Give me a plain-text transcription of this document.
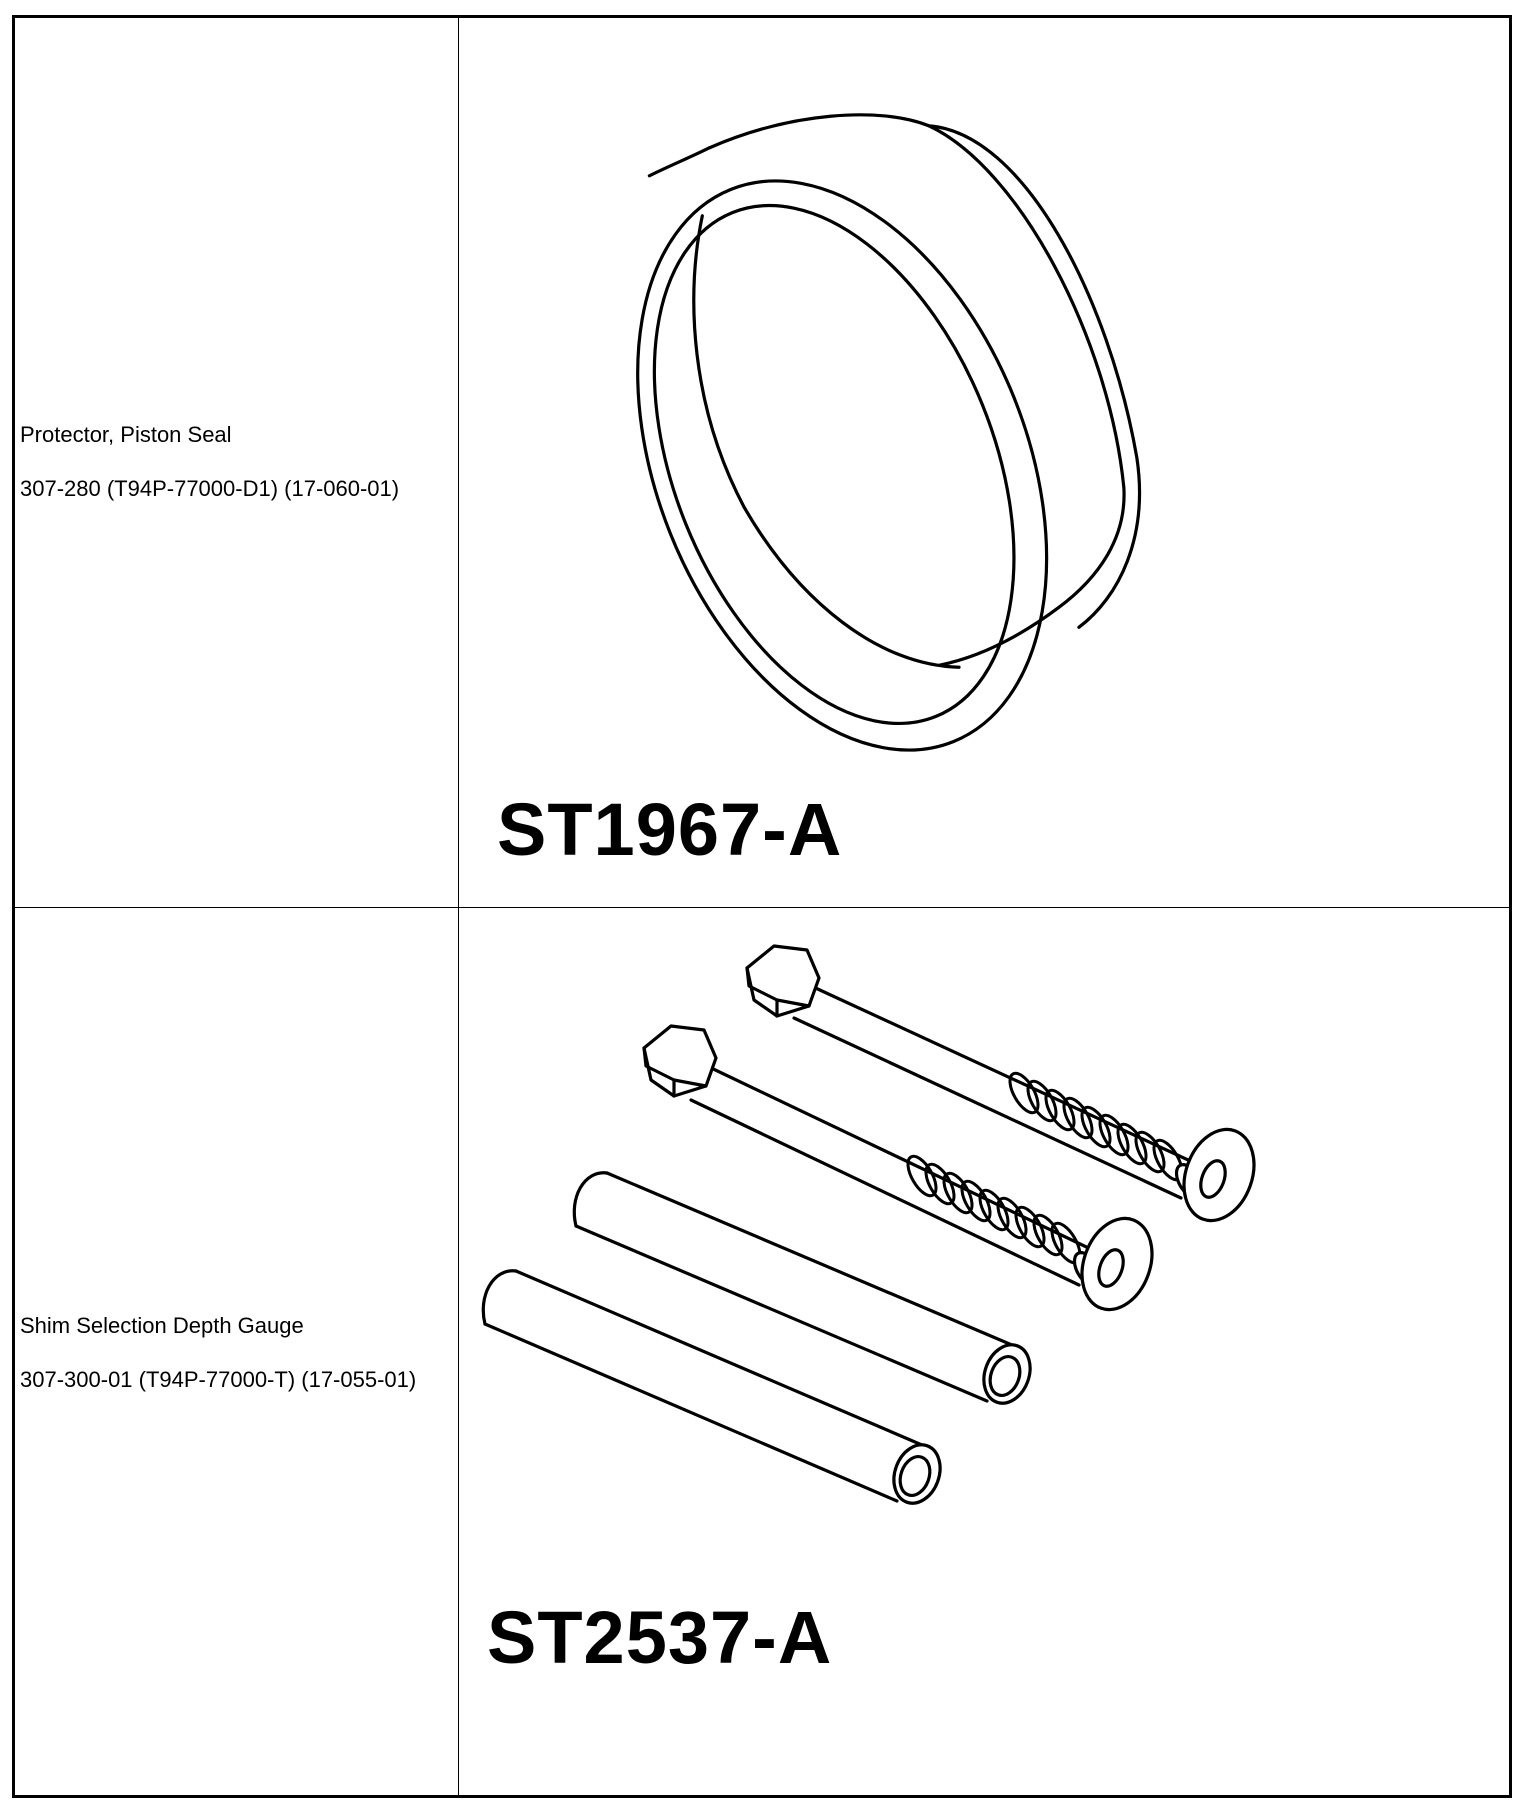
Protector, Piston Seal

307-280 (T94P-77000-D1) (17-060-01)

ST1967-A

Shim Selection Depth Gauge

307-300-01 (T94P-77000-T) (17-055-01)

ST2537-A
